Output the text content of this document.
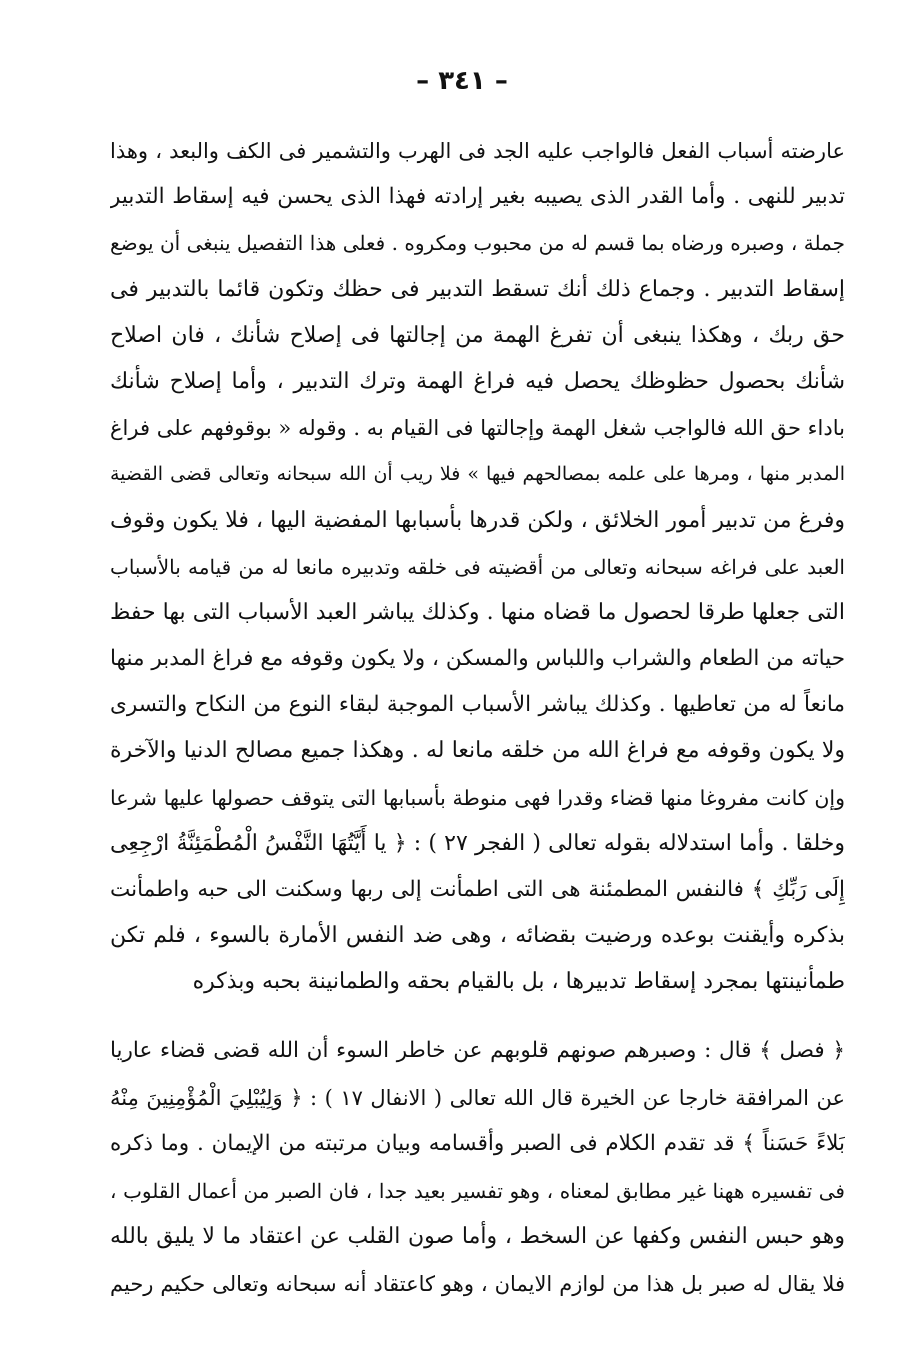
– ٣٤١ –
عارضته أسباب الفعل فالواجب عليه الجد فى الهرب والتشمير فى الكف والبعد ، وهذا
تدبير للنهى . وأما القدر الذى يصيبه بغير إرادته فهذا الذى يحسن فيه إسقاط التدبير
جملة ، وصبره ورضاه بما قسم له من محبوب ومكروه . فعلى هذا التفصيل ينبغى أن يوضع
إسقاط التدبير . وجماع ذلك أنك تسقط التدبير فى حظك وتكون قائما بالتدبير فى
حق ربك ، وهكذا ينبغى أن تفرغ الهمة من إجالتها فى إصلاح شأنك ، فان اصلاح
شأنك بحصول حظوظك يحصل فيه فراغ الهمة وترك التدبير ، وأما إصلاح شأنك
باداء حق الله فالواجب شغل الهمة وإجالتها فى القيام به . وقوله « بوقوفهم على فراغ
المدبر منها ، ومرها على علمه بمصالحهم فيها » فلا ريب أن الله سبحانه وتعالى قضى القضية
وفرغ من تدبير أمور الخلائق ، ولكن قدرها بأسبابها المفضية اليها ، فلا يكون وقوف
العبد على فراغه سبحانه وتعالى من أقضيته فى خلقه وتدبيره مانعا له من قيامه بالأسباب
التى جعلها طرقا لحصول ما قضاه منها . وكذلك يباشر العبد الأسباب التى بها حفظ
حياته من الطعام والشراب واللباس والمسكن ، ولا يكون وقوفه مع فراغ المدبر منها
مانعاً له من تعاطيها . وكذلك يباشر الأسباب الموجبة لبقاء النوع من النكاح والتسرى
ولا يكون وقوفه مع فراغ الله من خلقه مانعا له . وهكذا جميع مصالح الدنيا والآخرة
وإن كانت مفروغا منها قضاء وقدرا فهى منوطة بأسبابها التى يتوقف حصولها عليها شرعا
وخلقا . وأما استدلاله بقوله تعالى ( الفجر ٢٧ ) : ﴿ يا أَيَّتُهَا النَّفْسُ الْمُطْمَئِنَّةُ ارْجِعِى
إِلَى رَبِّكِ ﴾ فالنفس المطمئنة هى التى اطمأنت إلى ربها وسكنت الى حبه واطمأنت
بذكره وأيقنت بوعده ورضيت بقضائه ، وهى ضد النفس الأمارة بالسوء ، فلم تكن
طمأنينتها بمجرد إسقاط تدبيرها ، بل بالقيام بحقه والطمانينة بحبه وبذكره
﴿ فصل ﴾ قال : وصبرهم صونهم قلوبهم عن خاطر السوء أن الله قضى قضاء عاريا
عن المرافقة خارجا عن الخيرة قال الله تعالى ( الانفال ١٧ ) : ﴿ وَلِيُبْلِيَ الْمُؤْمِنِينَ مِنْهُ
بَلاءً حَسَناً ﴾ قد تقدم الكلام فى الصبر وأقسامه وبيان مرتبته من الإيمان . وما ذكره
فى تفسيره ههنا غير مطابق لمعناه ، وهو تفسير بعيد جدا ، فان الصبر من أعمال القلوب ،
وهو حبس النفس وكفها عن السخط ، وأما صون القلب عن اعتقاد ما لا يليق بالله
فلا يقال له صبر بل هذا من لوازم الايمان ، وهو كاعتقاد أنه سبحانه وتعالى حكيم رحيم
